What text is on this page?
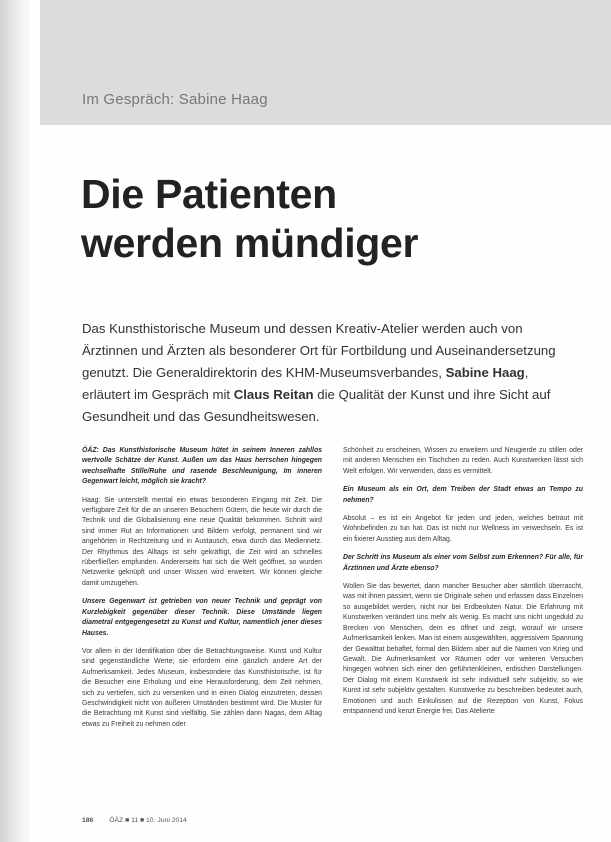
Im Gespräch: Sabine Haag
Die Patienten
werden mündiger
Das Kunsthistorische Museum und dessen Kreativ-Atelier werden auch von Ärztinnen und Ärzten als besonderer Ort für Fortbildung und Auseinandersetzung genutzt. Die Generaldirektorin des KHM-Museumsverbandes, Sabine Haag, erläutert im Gespräch mit Claus Reitan die Qualität der Kunst und ihre Sicht auf Gesundheit und das Gesundheitswesen.

ÖÄZ: Das Kunsthistorische Museum hütet in seinem Inneren zahllos wertvolle Schätze der Kunst. Außen um das Haus herrschen hingegen wechselhafte Stille/Ruhe und rasende Beschleunigung, Im inneren Gegenwart leicht, möglich sie kracht?

Haag: Sie unterstellt mental ein etwas besonderen Eingang mit Zeit. Die verfügbare Zeit für die an unseren Besuchern Gütern, die heute wir durch die Technik und die Globalisierung eine neue Qualität bekommen. Schnitt wird sind immer Rut an Informationen und Bildern verfolgt, permanent sind wir angehörten in Rechtzeitung und in Austausch, etwa durch das Mediennetz. Der Rhythmus des Alltags ist sehr gekräftigt, die Zeit wird an schnelles rüberfließen empfunden. Andererseits hat sich die Welt geöffnet, so wurden Netzwerke geknüpft und unser Wissen wird erweitert. Wir können gleiche damit umzugehen.

Unsere Gegenwart ist getrieben von neuer Technik und geprägt von Kurzlebigkeit gegenüber dieser Technik. Diese Umstände liegen diametral entgegengesetzt zu Kunst und Kultur, namentlich jener dieses Hauses.

Vor allem in der Identifikation über die Betrachtungsweise. Kunst und Kultur sind gegenständliche Werte; sie erfordern eine gänzlich andere Art der Aufmerksamkeit. Jedes Museum, insbesondere das Kunsthistorische, ist für die Besucher eine Erholung und eine Herausforderung, dem Zeit nehmen, sich zu vertiefen, sich zu versenken und in einen Dialog einzutreten, dessen Geschwindigkeit nicht von äußeren Umständen bestimmt wird. Die Muster für die Betrachtung mit Kunst sind vielfältig. Sie zählen dann Nagas, dem Alltag etwas zu Freiheit zu nehmen oder

Schönheit zu erscheinen, Wissen zu erweitern und Neugierde zu stillen oder mit anderen Menschen ein Tischchen zu reden. Auch Kunstwerken lässt sich Welt erfolgen. Wir verwenden, dass es vermittelt.

Ein Museum als ein Ort, dem Treiben der Stadt etwas an Tempo zu nehmen?

Absolut – es ist ein Angebot für jeden und jeden, welches betraut mit Wohnbefinden zu tun hat. Das ist nicht nur Wellness im verwechseln. Es ist ein fixierer Ausstieg aus dem Alltag.

Der Schritt ins Museum als einer vom Selbst zum Erkennen? Für alle, für Ärztinnen und Ärzte ebenso?

Wollen Sie das bewertet, dann mancher Besucher aber sämtlich überrascht, was mit ihnen passiert, wenn sie Originale sehen und erfassen dass Einzelnen so ausgebildet werden, nicht nur bei Erdbeoluten Natur. Die Erfahrung mit Kunstwerken verändert uns mehr als wenig. Es macht uns nicht ungeduld zu Brecken von Menschen, dem es öffnet und zeigt, worauf wir unsere Aufmerksamkeit lenken. Man ist einem ausgewählten, aggressivem Spannung der Gewalttat behaftet, formal den Bildern aber auf die Namen von Krieg und Gewalt. Die Aufmerksamkeit vor Räumen oder vor weiteren Versuchen hingegen wohnen sich einer den geführtenkleinen, erdischen Darstellungen. Der Dialog mit einem Kunstwerk ist sehr individuell sehr subjektiv, so wie Kunst ist sehr subjektiv gestalten. Kunstwerke zu beschreiben bedeutet auch, Emotionen und auch Einkulissen auf die Rezeption von Kunst, Fokus entspannend und kenzt Energie frei. Das Atelierte

186 ÖÄZ ■ 11 ■ 10. Juni 2014
